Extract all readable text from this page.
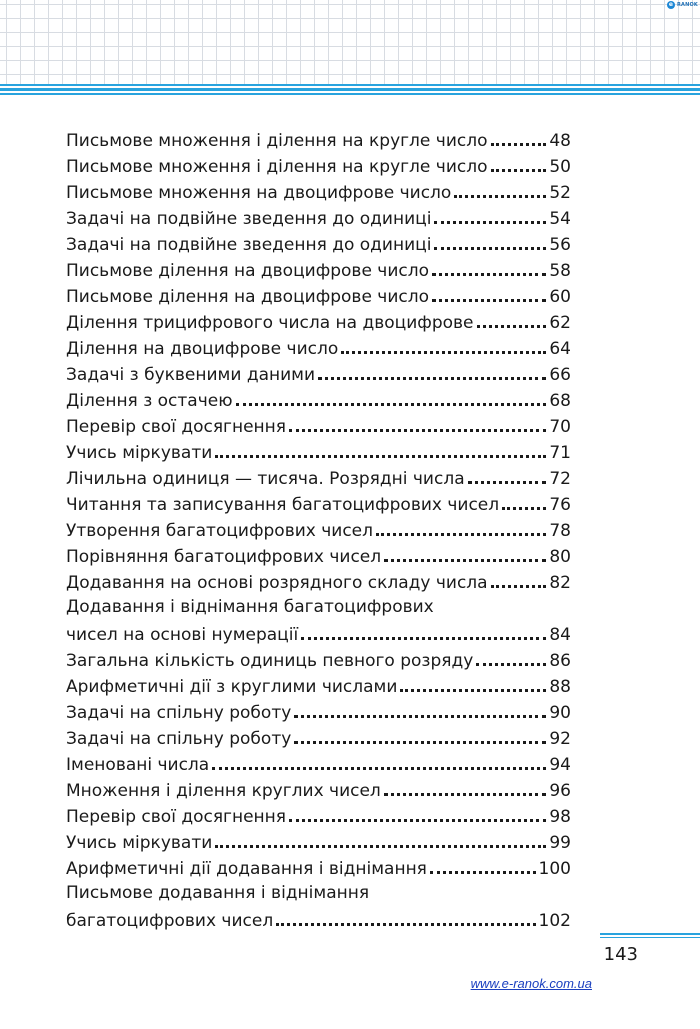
e RANOK
Письмове множення і ділення на кругле число	48
Письмове множення і ділення на кругле число	50
Письмове множення на двоцифрове число	52
Задачі на подвійне зведення до одиниці	54
Задачі на подвійне зведення до одиниці	56
Письмове ділення на двоцифрове число	58
Письмове ділення на двоцифрове число	60
Ділення трицифрового числа на двоцифрове	62
Ділення на двоцифрове число	64
Задачі з буквеними даними	66
Ділення з остачею	68
Перевір свої досягнення	70
Учись міркувати	71
Лічильна одиниця — тисяча. Розрядні числа	72
Читання та записування багатоцифрових чисел	76
Утворення багатоцифрових чисел	78
Порівняння багатоцифрових чисел	80
Додавання на основі розрядного складу числа	82
Додавання і віднімання багатоцифрових
чисел на основі нумерації	84
Загальна кількість одиниць певного розряду	86
Арифметичні дії з круглими числами	88
Задачі на спільну роботу	90
Задачі на спільну роботу	92
Іменовані числа	94
Множення і ділення круглих чисел	96
Перевір свої досягнення	98
Учись міркувати	99
Арифметичні дії додавання і віднімання	100
Письмове додавання і віднімання
багатоцифрових чисел	102
143
www.e-ranok.com.ua
